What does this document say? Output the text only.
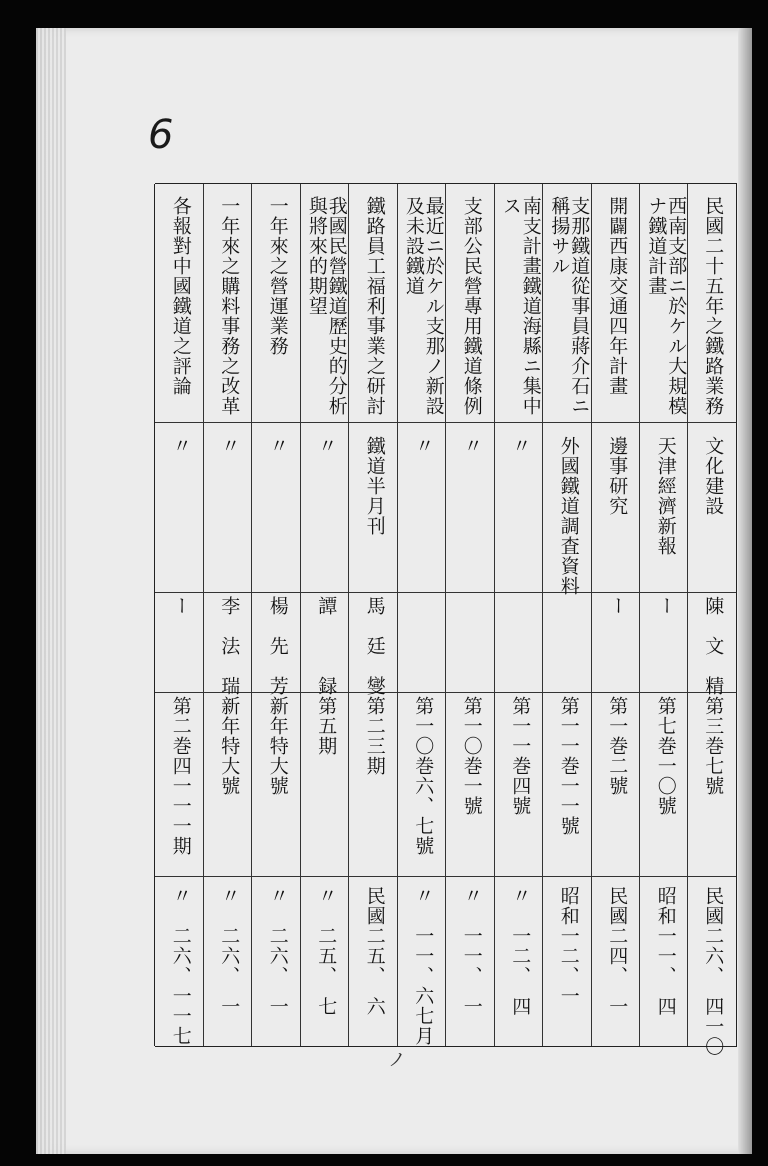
6
民國二十五年之鐵路業務
文化建設
陳　文　精
第三巻七號
民國二六、　四一〇
西南支部ニ於ケル大規模
ナ鐵道計畫
天津經濟新報
ー
第七巻一〇號
昭和一一、　四
開闢西康交通四年計畫
邊事研究
ー
第一巻二號
民國二四、　一
支那鐵道從事員蔣介石ニ
稱揚サル
外國鐵道調査資料
第一一巻一一號
昭和一二、一
南支計畫鐵道海縣ニ集中
ス
〃
第一一巻四號
〃　一二、　四
支部公民營專用鐵道條例
〃
第一〇巻一號
〃　一一、　一
最近ニ於ケル支那ノ新設
及未設鐵道
〃
第一〇巻六、七號
〃　一一、六七月
鐵路員工福利事業之研討
鐵道半月刊
馬　廷　燮
第二三期
民國二五、　六
我國民營鐵道歷史的分析
與將來的期望
〃
譚　　　録
第五期
〃　二五、　七
一年來之營運業務
〃
楊　先　芳
新年特大號
〃　二六、　一
一年來之購料事務之改革
〃
李　法　瑞
新年特大號
〃　二六、　一
各報對中國鐵道之評論
〃
ー
第二巻四一一一期
〃　二六、一一七
ノ
